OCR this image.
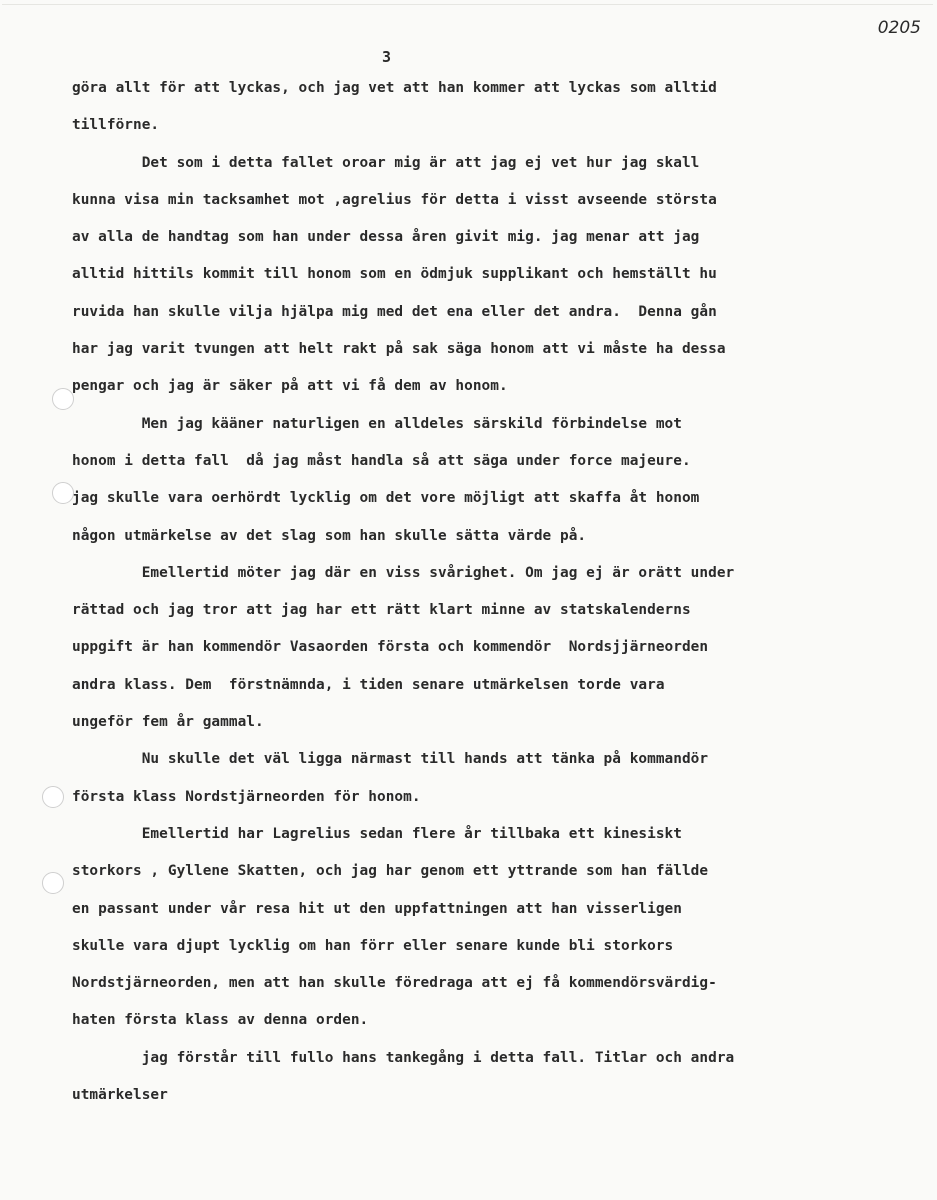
0205
3
göra allt för att lyckas, och jag vet att han kommer att lyckas som alltid
tillförne.
Det som i detta fallet oroar mig är att jag ej vet hur jag skall
kunna visa min tacksamhet mot ,agrelius för detta i visst avseende största
av alla de handtag som han under dessa åren givit mig. jag menar att jag
alltid hittils kommit till honom som en ödmjuk supplikant och hemställt hu
ruvida han skulle vilja hjälpa mig med det ena eller det andra.  Denna gån
har jag varit tvungen att helt rakt på sak säga honom att vi måste ha dessa
pengar och jag är säker på att vi få dem av honom.
Men jag kääner naturligen en alldeles särskild förbindelse mot
honom i detta fall  då jag måst handla så att säga under force majeure.
jag skulle vara oerhördt lycklig om det vore möjligt att skaffa åt honom
någon utmärkelse av det slag som han skulle sätta värde på.
Emellertid möter jag där en viss svårighet. Om jag ej är orätt under
rättad och jag tror att jag har ett rätt klart minne av statskalenderns
uppgift är han kommendör Vasaorden första och kommendör  Nordsjjärneorden
andra klass. Dem  förstnämnda, i tiden senare utmärkelsen torde vara
ungeför fem år gammal.
Nu skulle det väl ligga närmast till hands att tänka på kommandör
första klass Nordstjärneorden för honom.
Emellertid har Lagrelius sedan flere år tillbaka ett kinesiskt
storkors , Gyllene Skatten, och jag har genom ett yttrande som han fällde
en passant under vår resa hit ut den uppfattningen att han visserligen
skulle vara djupt lycklig om han förr eller senare kunde bli storkors
Nordstjärneorden, men att han skulle föredraga att ej få kommendörsvärdig-
haten första klass av denna orden.
jag förstår till fullo hans tankegång i detta fall. Titlar och andra
utmärkelser
